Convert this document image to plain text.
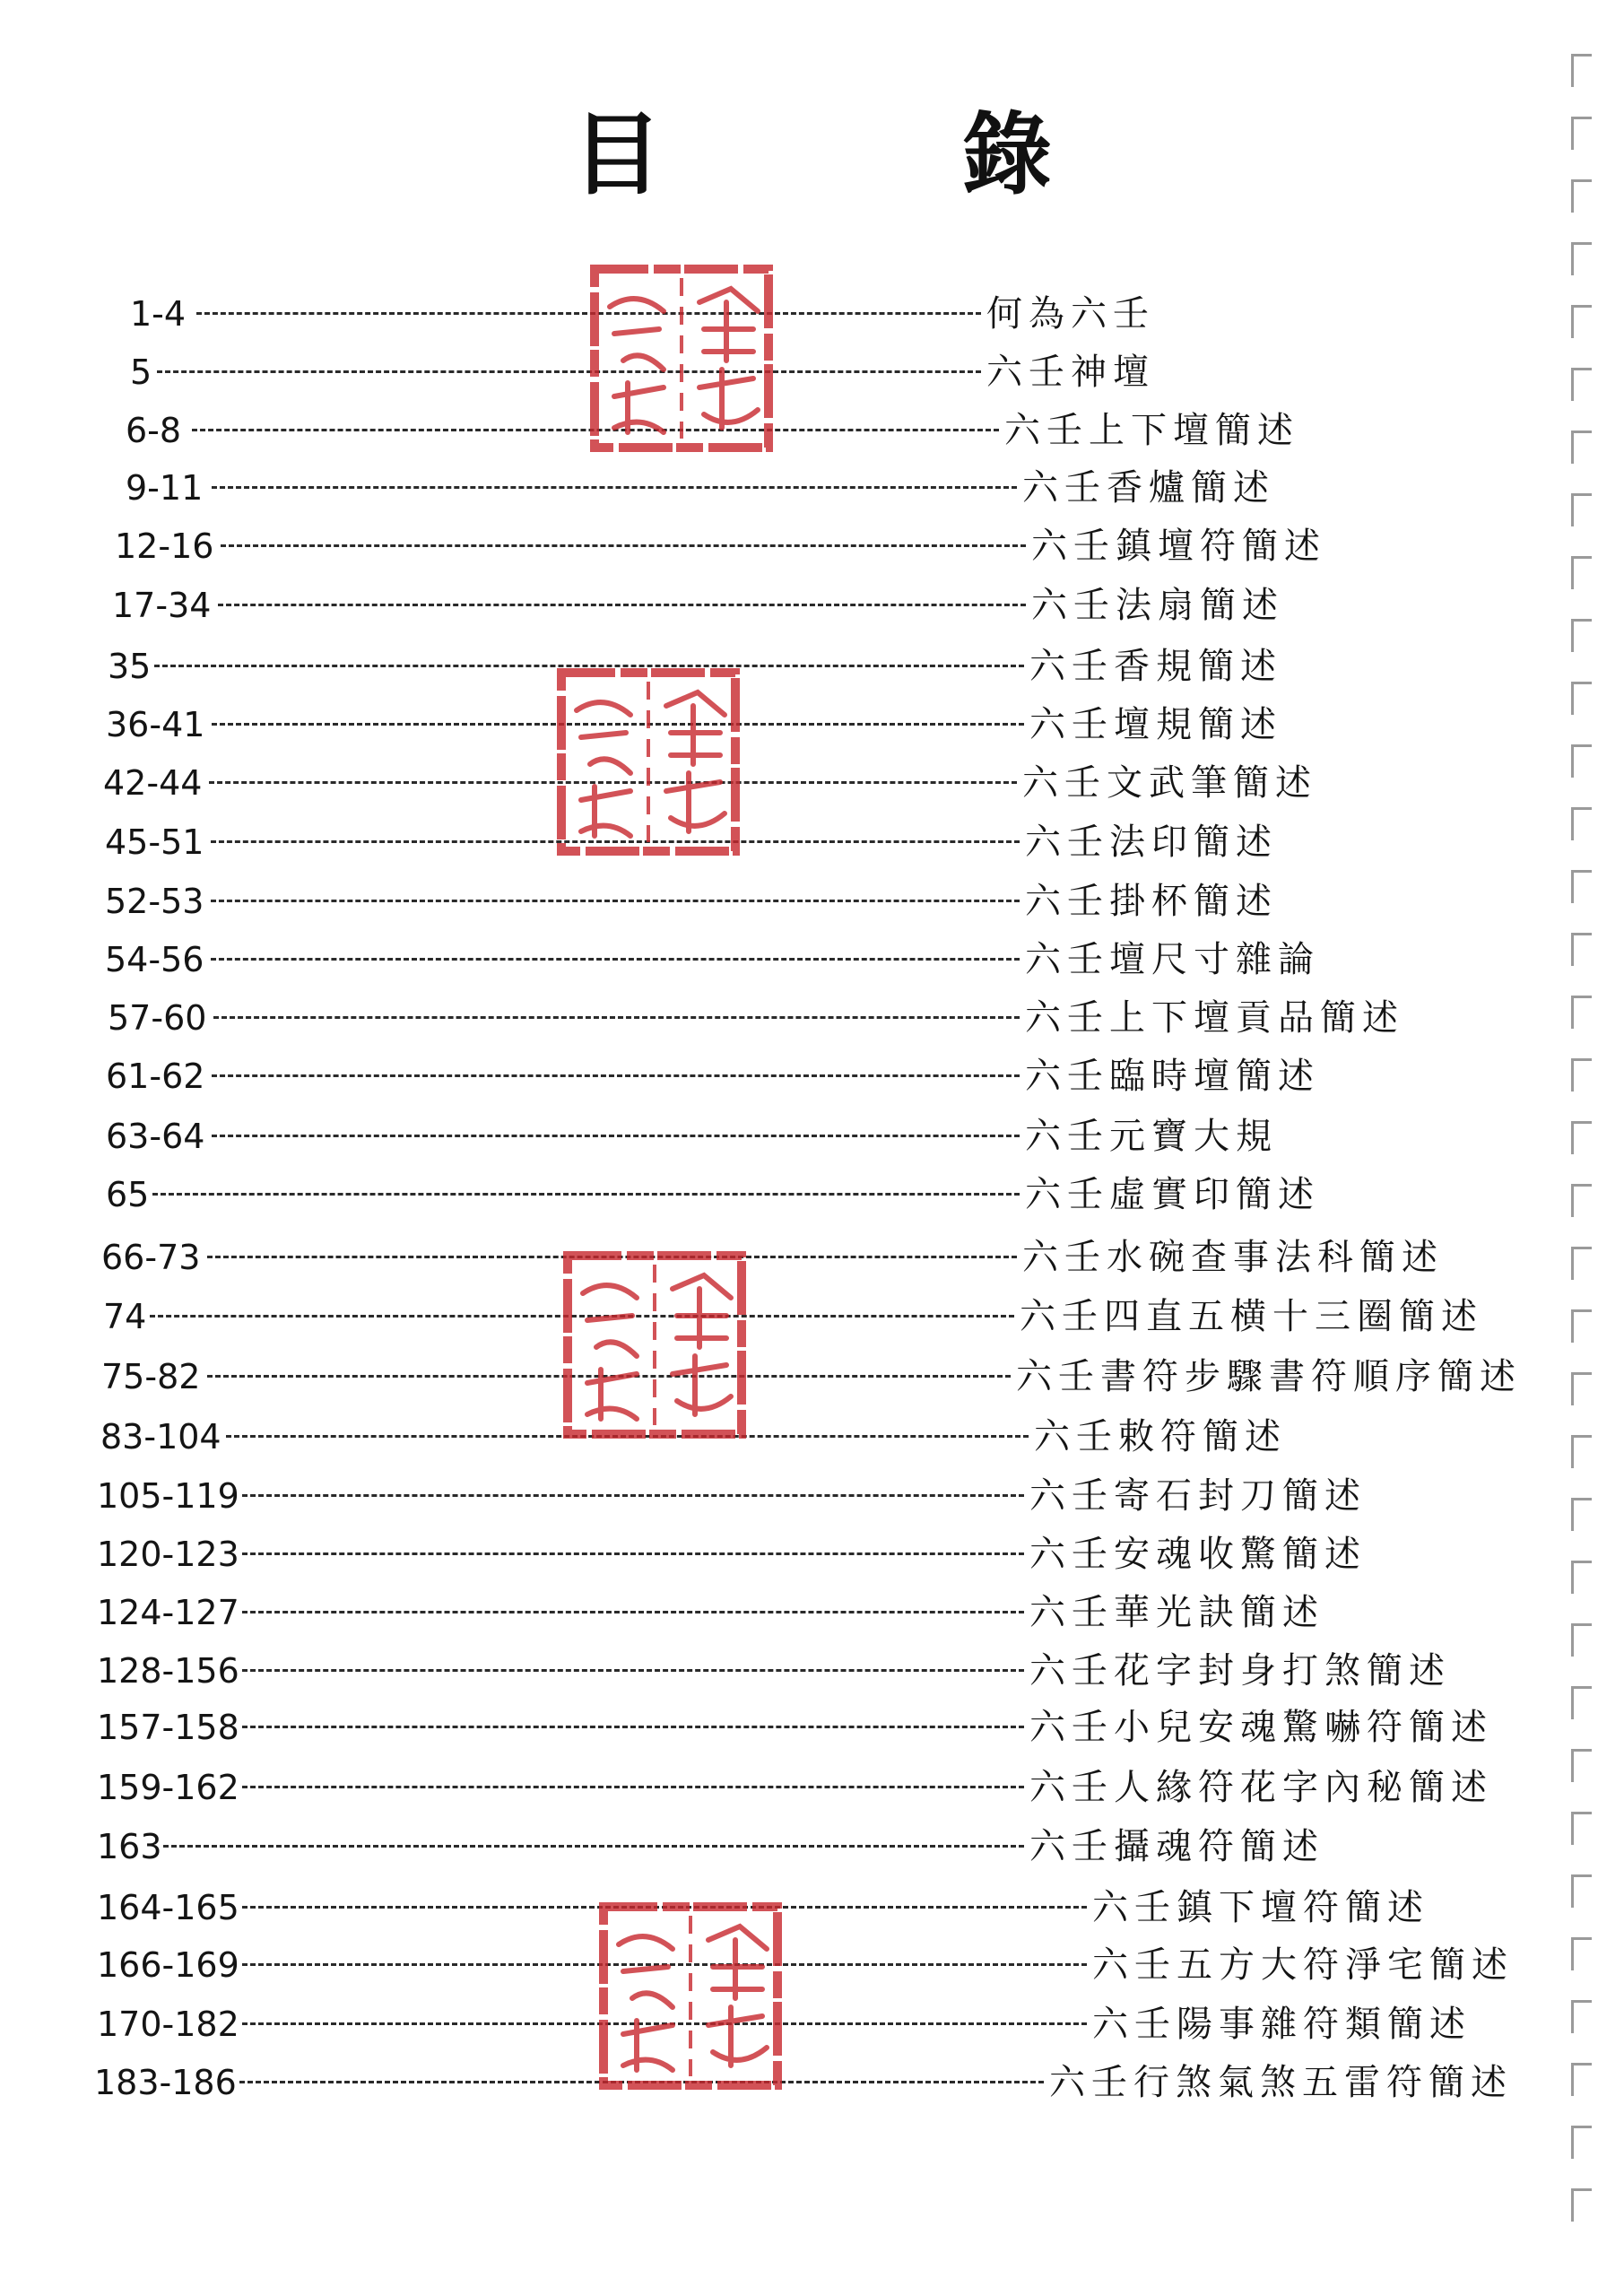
目 錄
1-4	何為六壬
5	六壬神壇
6-8	六壬上下壇簡述
9-11	六壬香爐簡述
12-16	六壬鎮壇符簡述
17-34	六壬法扇簡述
35	六壬香規簡述
36-41	六壬壇規簡述
42-44	六壬文武筆簡述
45-51	六壬法印簡述
52-53	六壬掛杯簡述
54-56	六壬壇尺寸雜論
57-60	六壬上下壇貢品簡述
61-62	六壬臨時壇簡述
63-64	六壬元寶大規
65	六壬虛實印簡述
66-73	六壬水碗查事法科簡述
74	六壬四直五横十三圈簡述
75-82	六壬書符步驟書符順序簡述
83-104	六壬敕符簡述
105-119	六壬寄石封刀簡述
120-123	六壬安魂收驚簡述
124-127	六壬華光訣簡述
128-156	六壬花字封身打煞簡述
157-158	六壬小兒安魂驚嚇符簡述
159-162	六壬人緣符花字內秘簡述
163	六壬攝魂符簡述
164-165	六壬鎮下壇符簡述
166-169	六壬五方大符淨宅簡述
170-182	六壬陽事雜符類簡述
183-186	六壬行煞氣煞五雷符簡述
